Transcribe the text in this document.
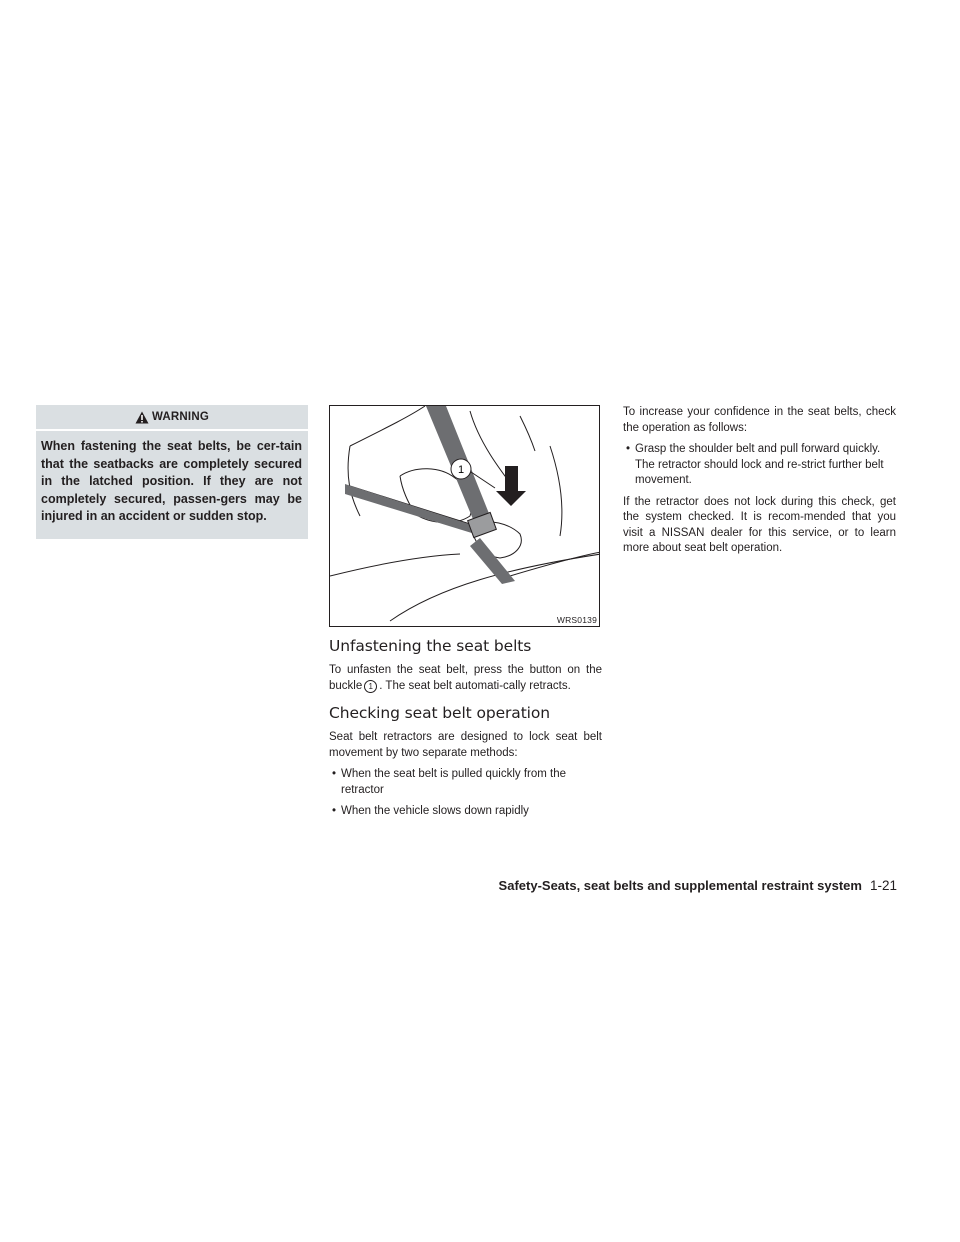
WARNING

When fastening the seat belts, be cer-tain that the seatbacks are completely secured in the latched position. If they are not completely secured, passen-gers may be injured in an accident or sudden stop.

1
WRS0139
Unfastening the seat belts

To unfasten the seat belt, press the button on the buckle 1 . The seat belt automati-cally retracts.

Checking seat belt operation

Seat belt retractors are designed to lock seat belt movement by two separate methods:

• When the seat belt is pulled quickly from the retractor
• When the vehicle slows down rapidly

To increase your confidence in the seat belts, check the operation as follows:

• Grasp the shoulder belt and pull forward quickly. The retractor should lock and re-strict further belt movement.

If the retractor does not lock during this check, get the system checked. It is recom-mended that you visit a NISSAN dealer for this service, or to learn more about seat belt operation.

Safety-Seats, seat belts and supplemental restraint system 1-21
